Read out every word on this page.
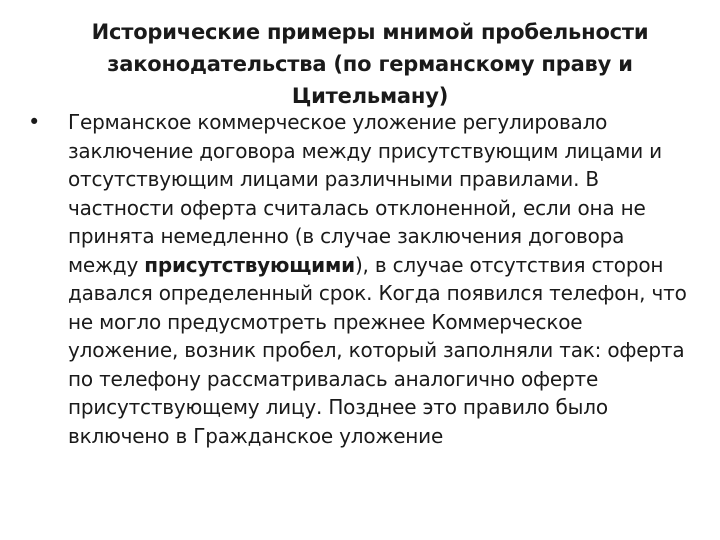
Исторические примеры мнимой пробельности законодательства (по германскому праву и Цительману)
•	Германское коммерческое уложение регулировало заключение договора между присутствующим лицами и отсутствующим лицами различными правилами. В частности оферта считалась отклоненной, если она не принята немедленно (в случае заключения договора между присутствующими), в случае отсутствия сторон давался определенный срок. Когда появился телефон, что не могло предусмотреть прежнее Коммерческое уложение, возник пробел, который заполняли так: оферта по телефону рассматривалась аналогично оферте присутствующему лицу. Позднее это правило было включено в Гражданское уложение
